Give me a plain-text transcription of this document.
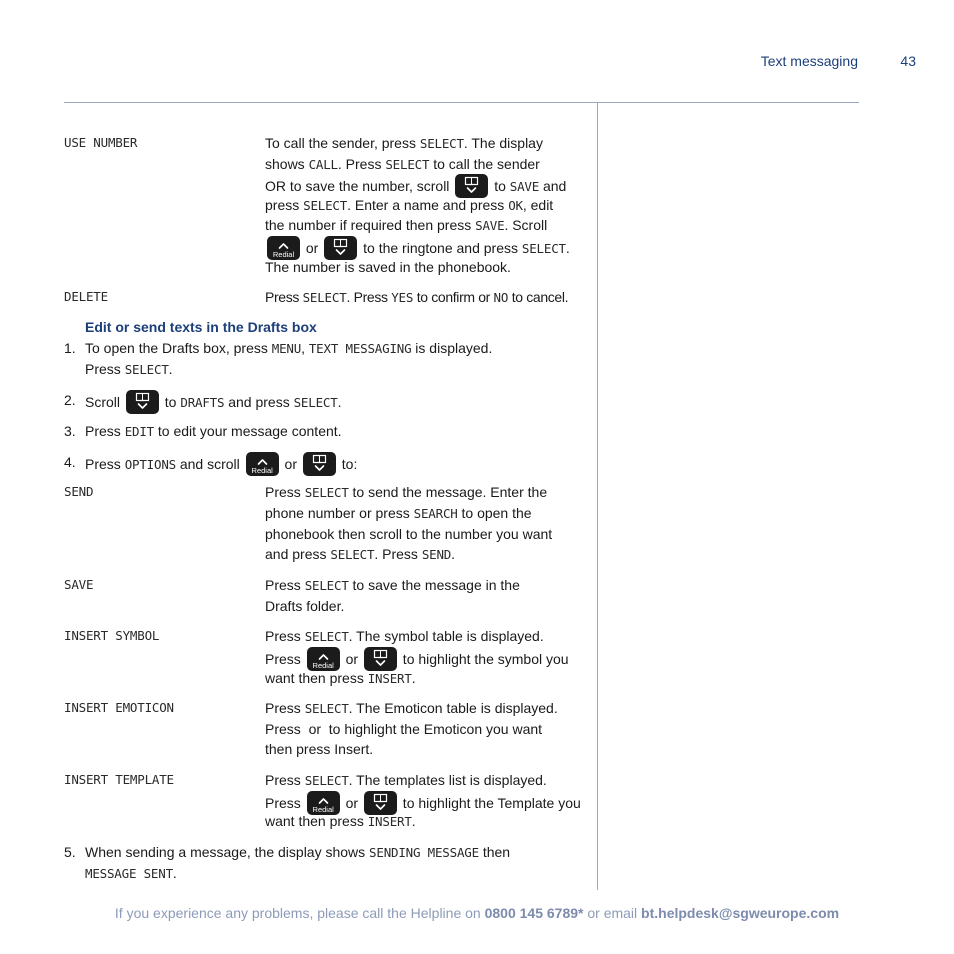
Text messaging	43
USE NUMBER	To call the sender, press SELECT. The display
shows CALL. Press SELECT to call the sender
OR to save the number, scroll	to SAVE and
press SELECT. Enter a name and press OK, edit
the number if required then press SAVE. Scroll
Redial or	to the ringtone and press SELECT.
The number is saved in the phonebook.
DELETE	Press SELECT. Press YES to confirm or NO to cancel.
Edit or send texts in the Drafts box
1. To open the Drafts box, press MENU, TEXT MESSAGING is displayed.
Press SELECT.
2. Scroll	to DRAFTS and press SELECT.
3. Press EDIT to edit your message content.
4. Press OPTIONS and scroll	Redial or	to:
SEND	Press SELECT to send the message. Enter the
phone number or press SEARCH to open the
phonebook then scroll to the number you want
and press SELECT. Press SEND.
SAVE	Press SELECT to save the message in the
Drafts folder.
INSERT SYMBOL	Press SELECT. The symbol table is displayed.
Press	Redial or	to highlight the symbol you
want then press INSERT.
INSERT EMOTICON	Press SELECT. The Emoticon table is displayed.
Press  or  to highlight the Emoticon you want
then press Insert.
INSERT TEMPLATE	Press SELECT. The templates list is displayed.
Press	Redial or	to highlight the Template you
want then press INSERT.
5. When sending a message, the display shows SENDING MESSAGE then
MESSAGE SENT.
If you experience any problems, please call the Helpline on 0800 145 6789* or email bt.helpdesk@sgweurope.com
